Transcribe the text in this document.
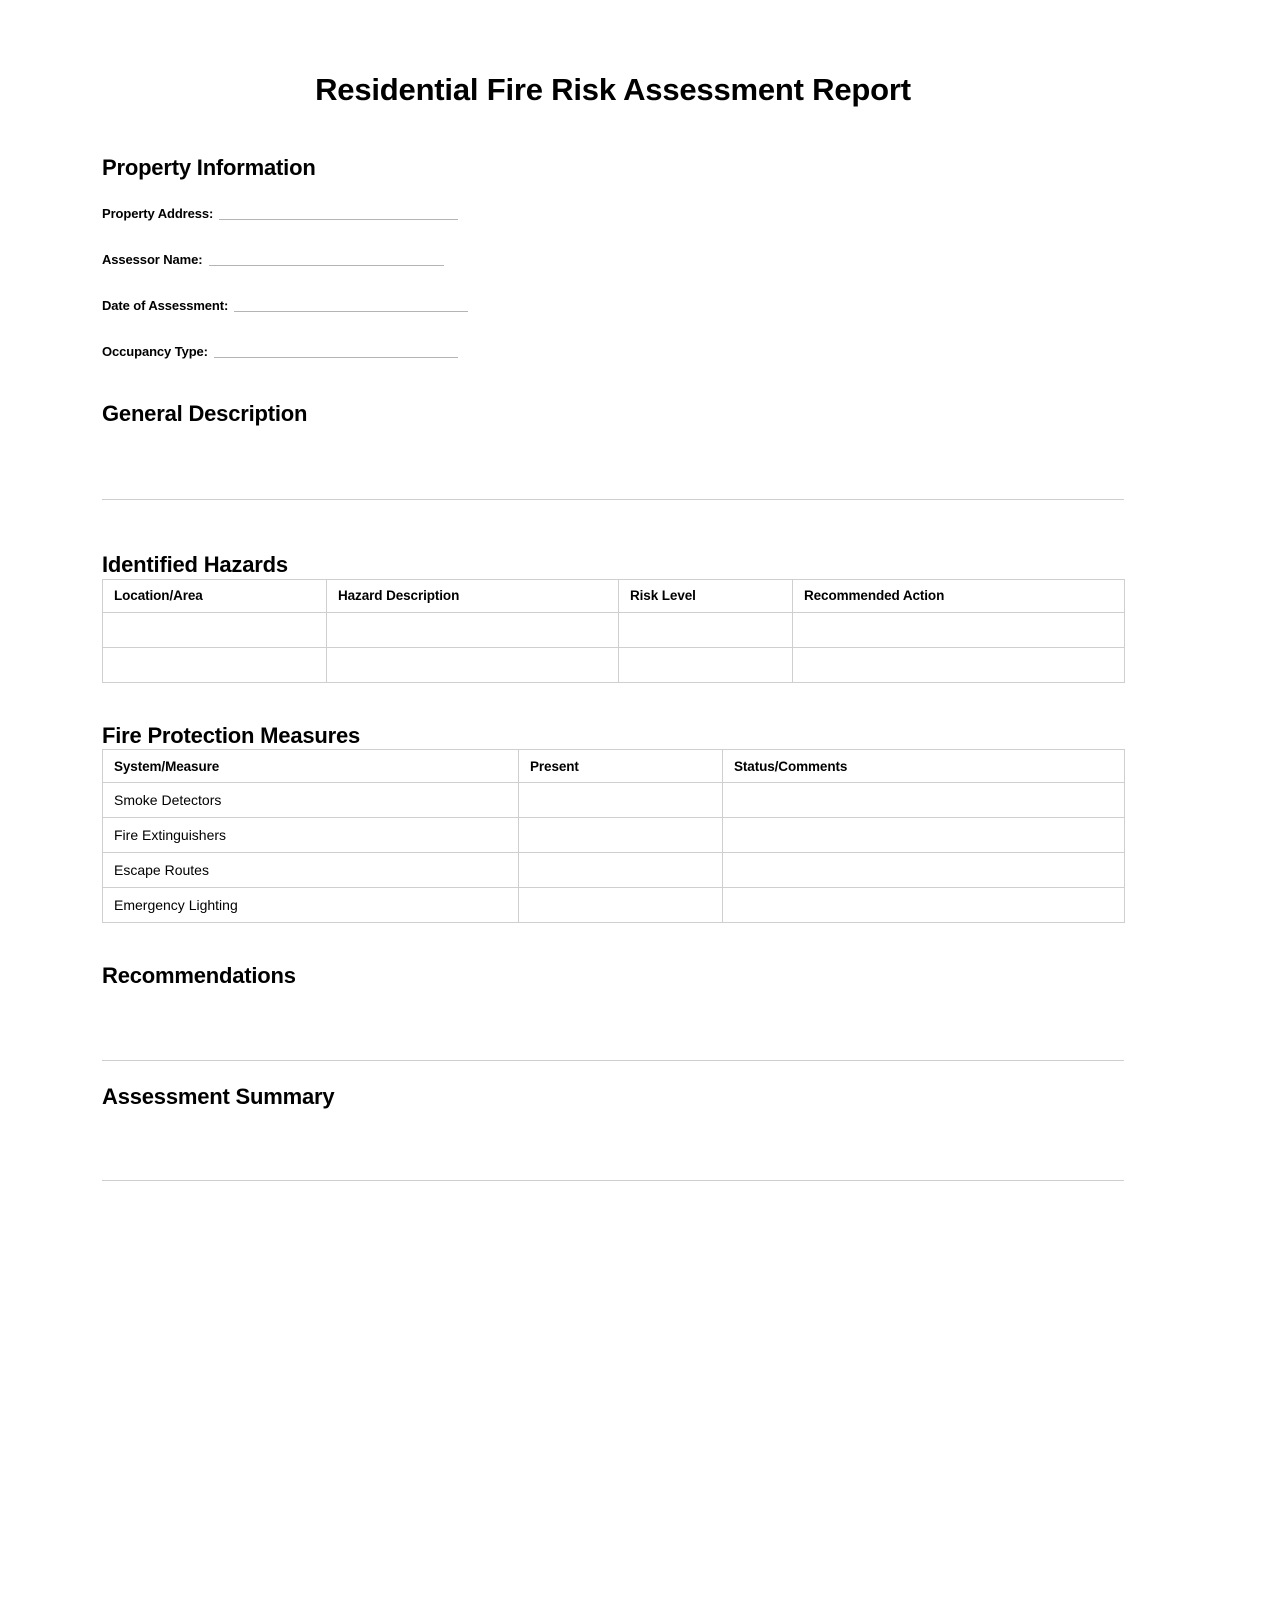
Residential Fire Risk Assessment Report
Property Information
Property Address:
Assessor Name:
Date of Assessment:
Occupancy Type:
General Description
Identified Hazards
Location/Area	Hazard Description	Risk Level	Recommended Action

Fire Protection Measures
System/Measure	Present	Status/Comments
Smoke Detectors		
Fire Extinguishers		
Escape Routes		
Emergency Lighting		
Recommendations
Assessment Summary
